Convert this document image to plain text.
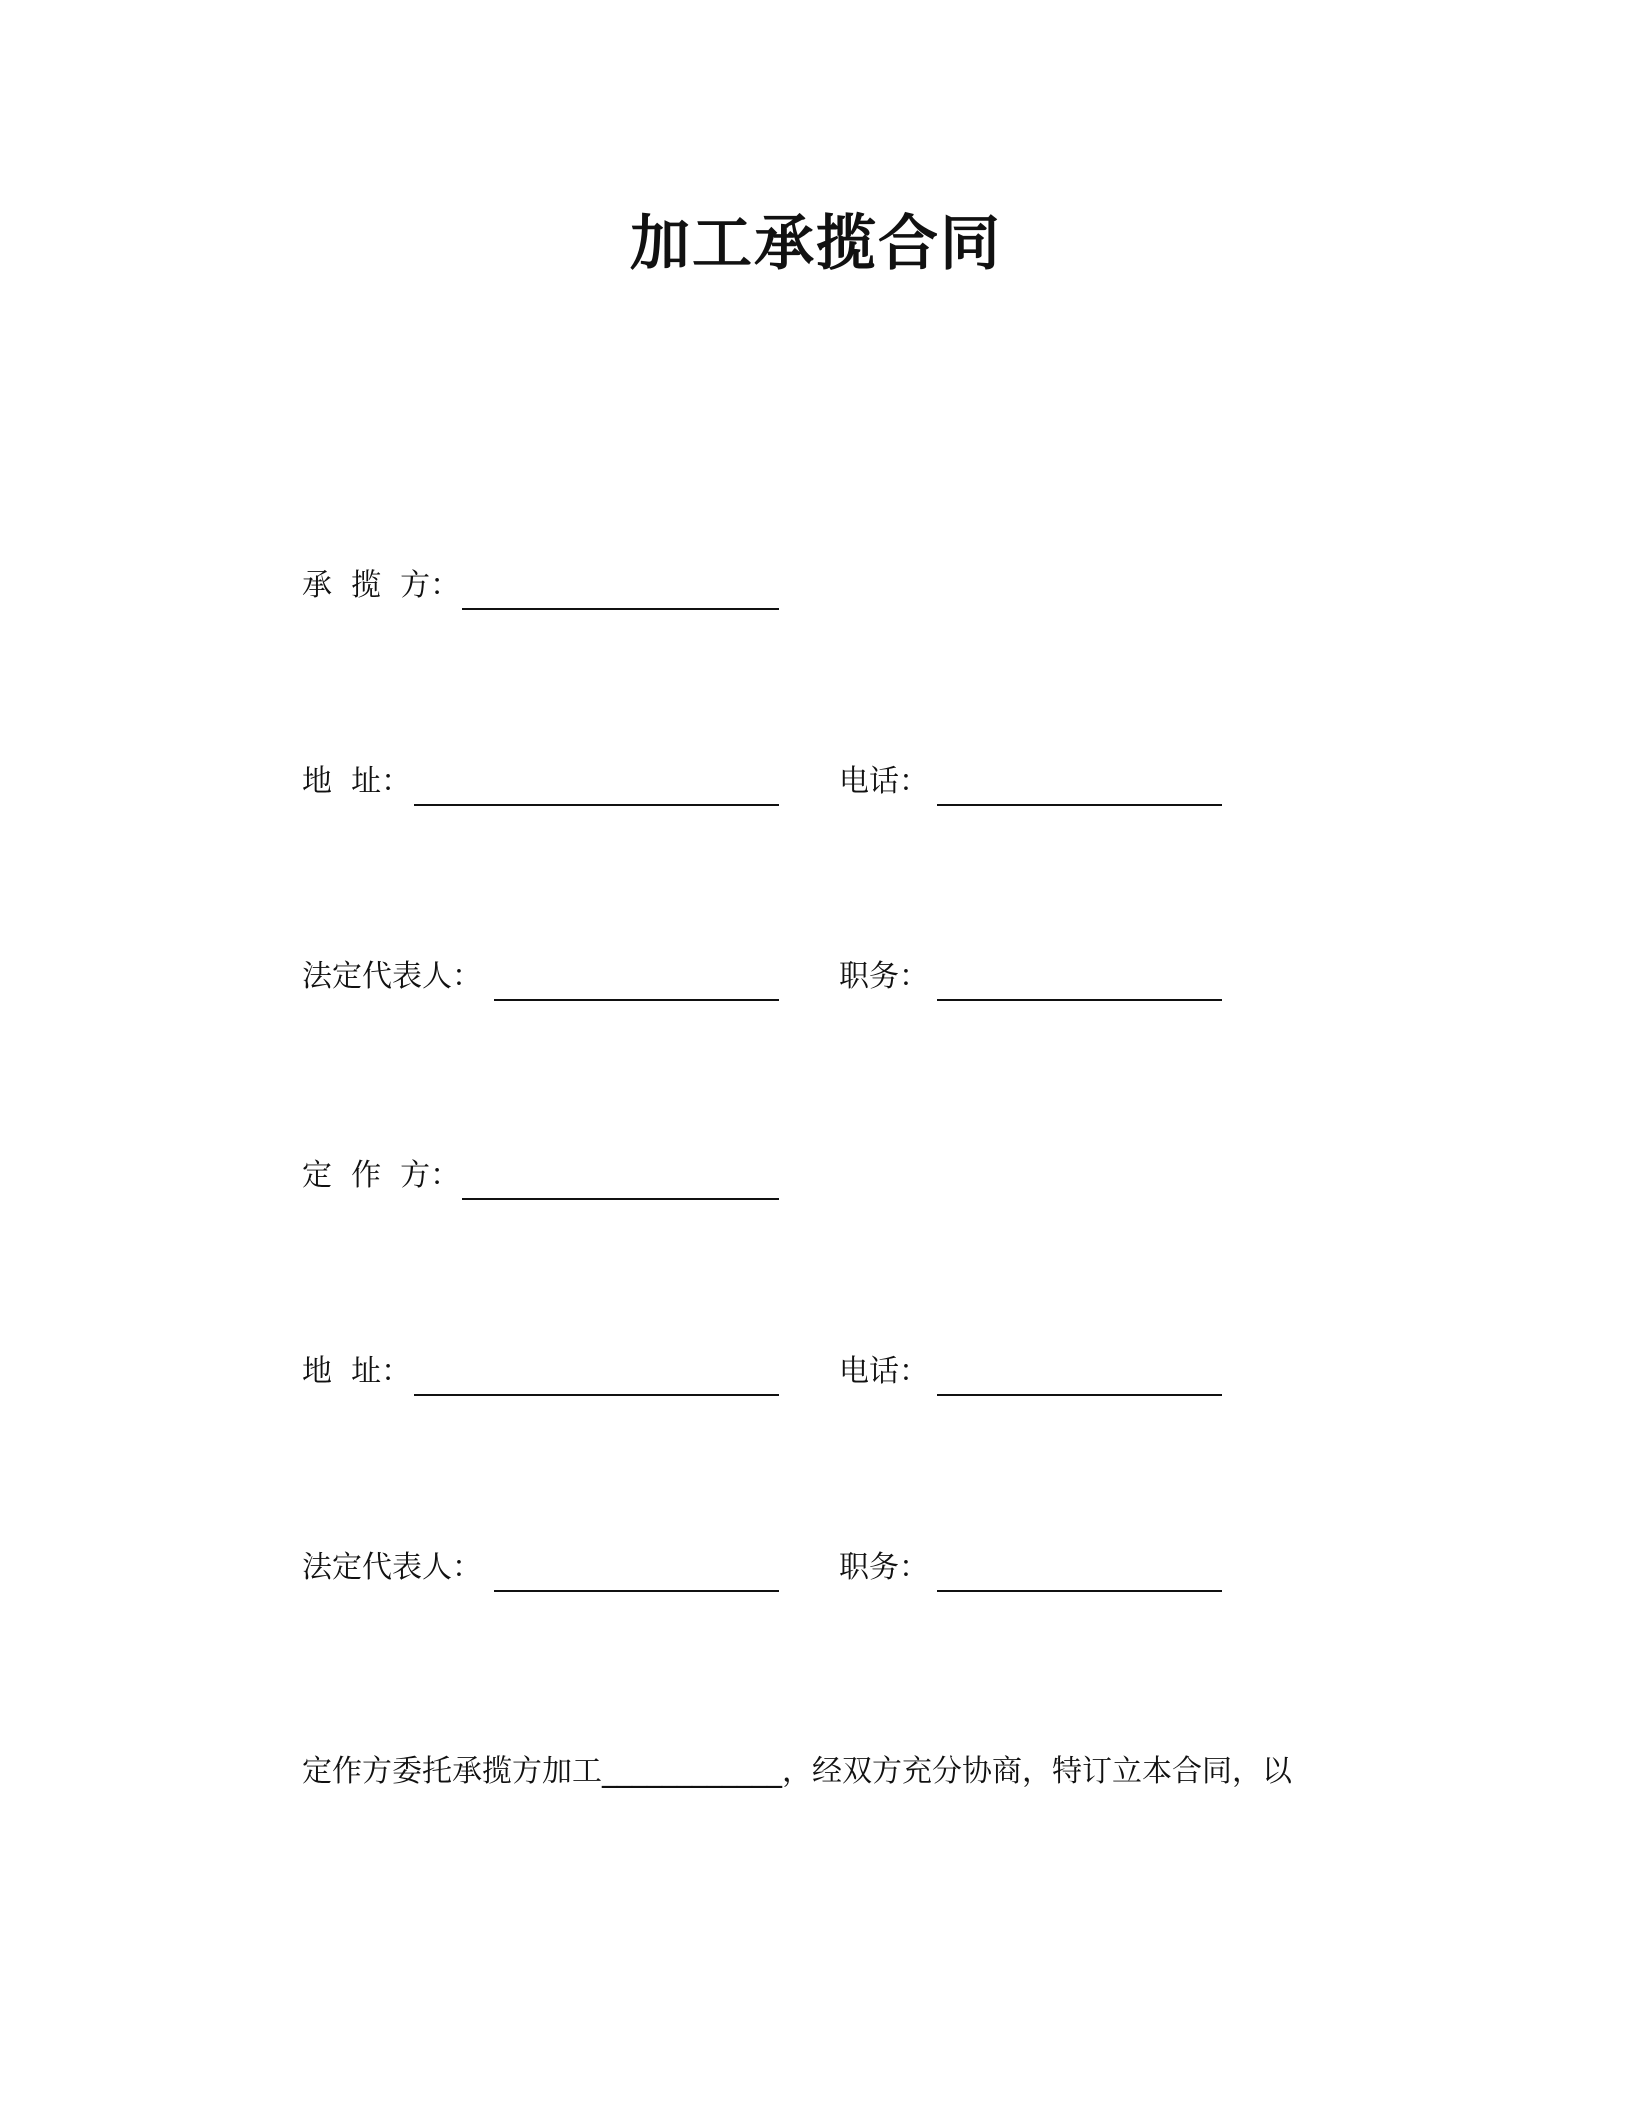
加工承揽合同
承  揽  方：
地  址：	电话：
法定代表人：	职务：
定  作  方：
地  址：	电话：
法定代表人：	职务：

定作方委托承揽方加工____________，经双方充分协商，特订立本合同，以
